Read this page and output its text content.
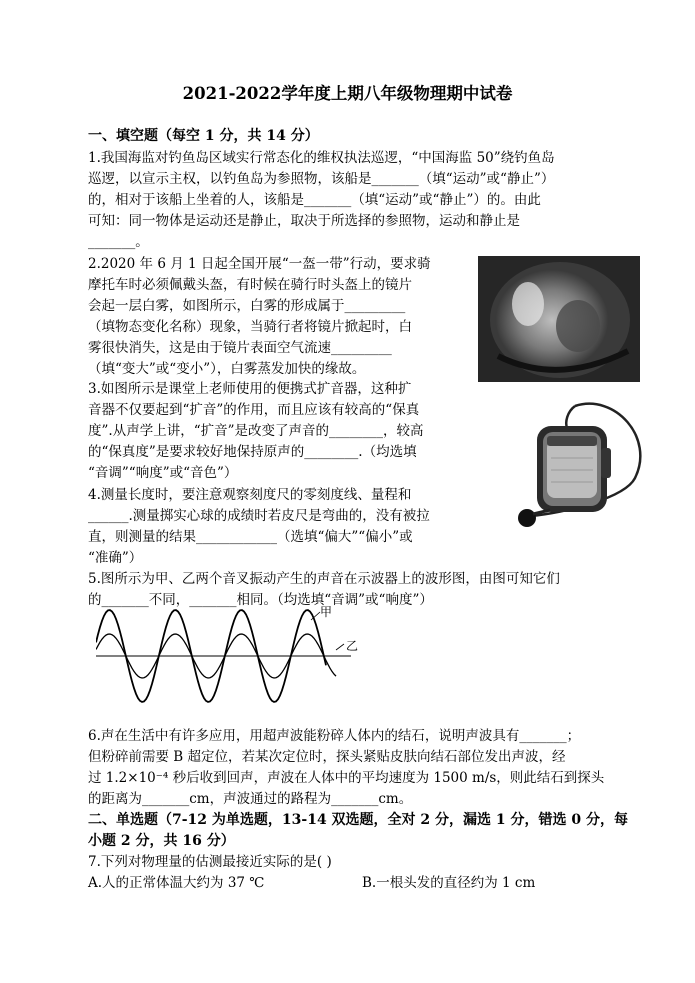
2021-2022学年度上期八年级物理期中试卷
一、填空题（每空 1 分，共 14 分）
1.我国海监对钓鱼岛区域实行常态化的维权执法巡逻，“中国海监 50”绕钓鱼岛
巡逻，以宣示主权，以钓鱼岛为参照物，该船是_______（填“运动”或“静止”）
的，相对于该船上坐着的人，该船是_______（填“运动”或“静止”）的。由此
可知：同一物体是运动还是静止，取决于所选择的参照物，运动和静止是
_______。
2.2020 年 6 月 1 日起全国开展“一盔一带”行动，要求骑
摩托车时必须佩戴头盔，有时候在骑行时头盔上的镜片
会起一层白雾，如图所示，白雾的形成属于_________
（填物态变化名称）现象，当骑行者将镜片掀起时，白
雾很快消失，这是由于镜片表面空气流速_________
（填“变大”或“变小”），白雾蒸发加快的缘故。
3.如图所示是课堂上老师使用的便携式扩音器，这种扩
音器不仅要起到“扩音”的作用，而且应该有较高的“保真
度”.从声学上讲，“扩音”是改变了声音的________，较高
的“保真度”是要求较好地保持原声的________.（均选填
“音调”“响度”或“音色”）
4.测量长度时，要注意观察刻度尺的零刻度线、量程和
______.测量掷实心球的成绩时若皮尺是弯曲的，没有被拉
直，则测量的结果____________（选填“偏大”“偏小”或
“准确”）
5.图所示为甲、乙两个音叉振动产生的声音在示波器上的波形图，由图可知它们
的_______不同，_______相同。（均选填“音调”或“响度”）
甲
乙
6.声在生活中有许多应用，用超声波能粉碎人体内的结石，说明声波具有_______；
但粉碎前需要 B 超定位，若某次定位时，探头紧贴皮肤向结石部位发出声波，经
过 1.2×10⁻⁴ 秒后收到回声，声波在人体中的平均速度为 1500 m/s，则此结石到探头
的距离为_______cm，声波通过的路程为_______cm。
二、单选题（7-12 为单选题，13-14 双选题，全对 2 分，漏选 1 分，错选 0 分，每
小题 2 分，共 16 分）
7.下列对物理量的估测最接近实际的是( )
A.人的正常体温大约为 37 ℃	B.一根头发的直径约为 1 cm
